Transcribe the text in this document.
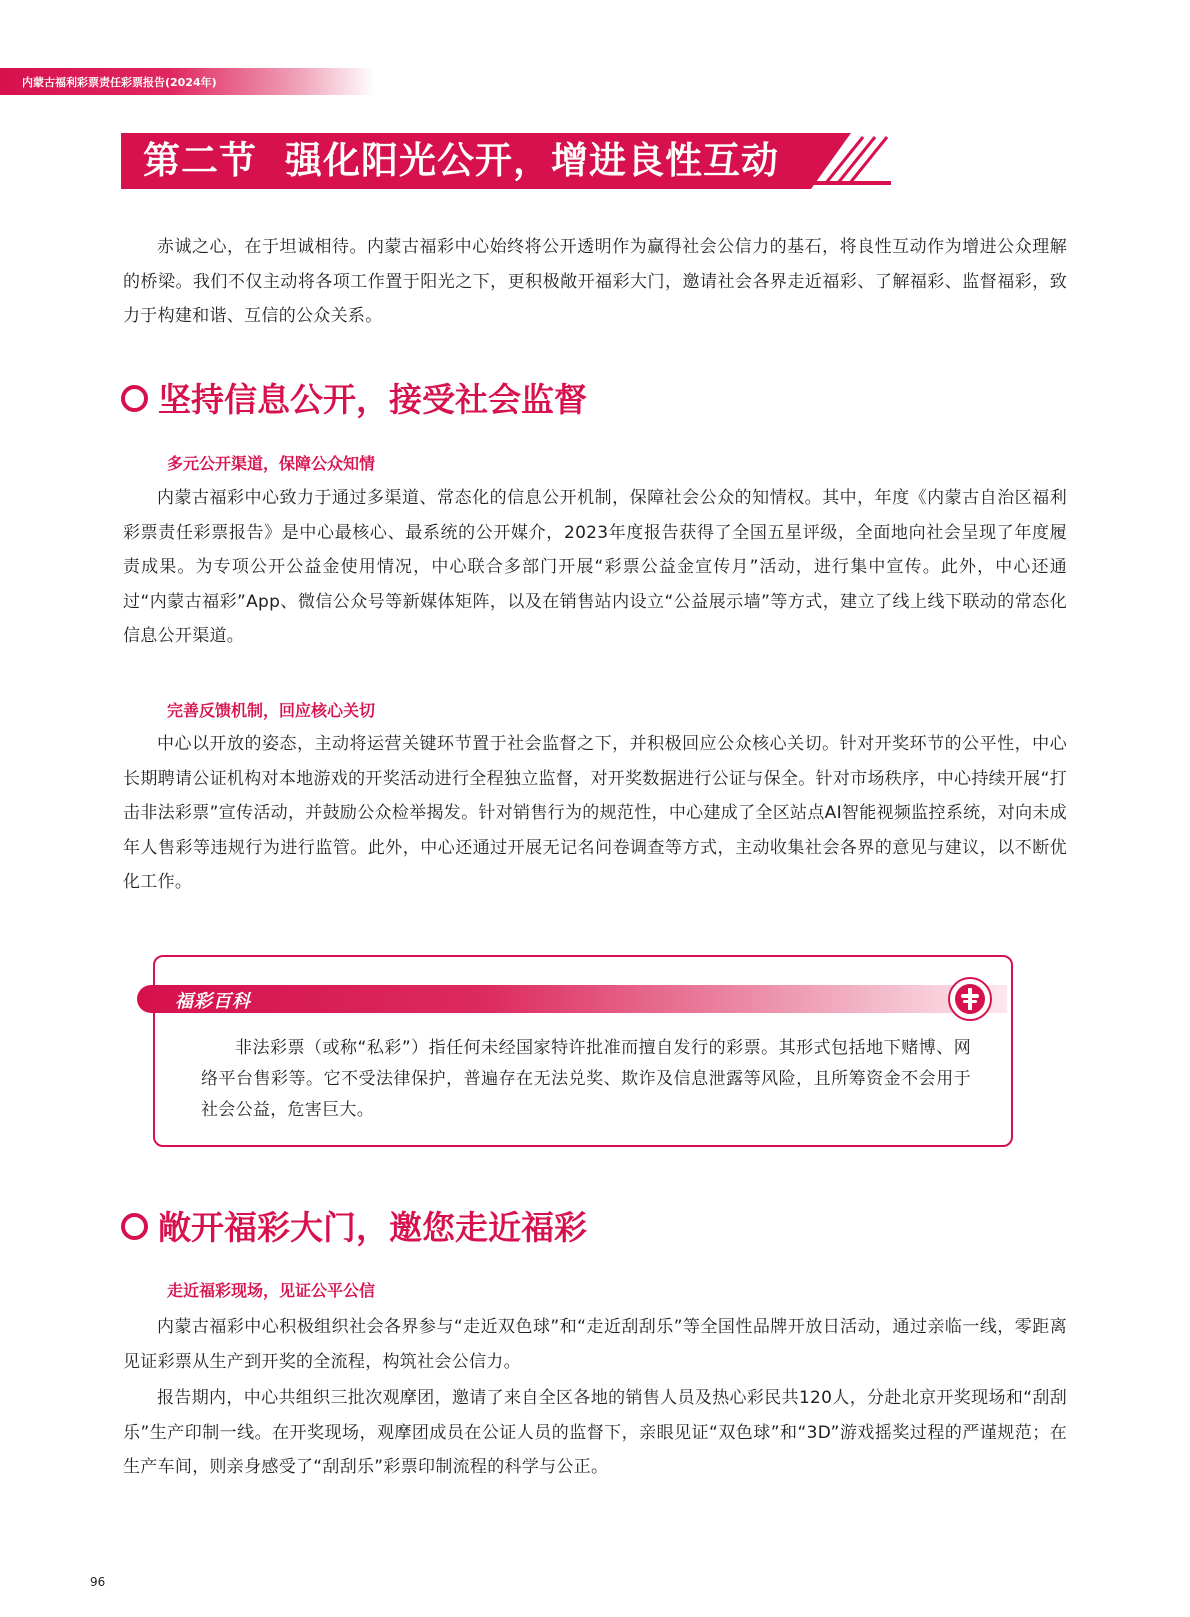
内蒙古福利彩票责任彩票报告(2024年)
第二节 强化阳光公开，增进良性互动

赤诚之心，在于坦诚相待。内蒙古福彩中心始终将公开透明作为赢得社会公信力的基石，将良性互动作为增进公众理解的桥梁。我们不仅主动将各项工作置于阳光之下，更积极敞开福彩大门，邀请社会各界走近福彩、了解福彩、监督福彩，致力于构建和谐、互信的公众关系。

坚持信息公开，接受社会监督
多元公开渠道，保障公众知情

内蒙古福彩中心致力于通过多渠道、常态化的信息公开机制，保障社会公众的知情权。其中，年度《内蒙古自治区福利彩票责任彩票报告》是中心最核心、最系统的公开媒介，2023年度报告获得了全国五星评级，全面地向社会呈现了年度履责成果。为专项公开公益金使用情况，中心联合多部门开展“彩票公益金宣传月”活动，进行集中宣传。此外，中心还通过“内蒙古福彩”App、微信公众号等新媒体矩阵，以及在销售站内设立“公益展示墙”等方式，建立了线上线下联动的常态化信息公开渠道。

完善反馈机制，回应核心关切

中心以开放的姿态，主动将运营关键环节置于社会监督之下，并积极回应公众核心关切。针对开奖环节的公平性，中心长期聘请公证机构对本地游戏的开奖活动进行全程独立监督，对开奖数据进行公证与保全。针对市场秩序，中心持续开展“打击非法彩票”宣传活动，并鼓励公众检举揭发。针对销售行为的规范性，中心建成了全区站点AI智能视频监控系统，对向未成年人售彩等违规行为进行监管。此外，中心还通过开展无记名问卷调查等方式，主动收集社会各界的意见与建议，以不断优化工作。

福彩百科

非法彩票（或称“私彩”）指任何未经国家特许批准而擅自发行的彩票。其形式包括地下赌博、网络平台售彩等。它不受法律保护，普遍存在无法兑奖、欺诈及信息泄露等风险，且所筹资金不会用于社会公益，危害巨大。

敞开福彩大门，邀您走近福彩
走近福彩现场，见证公平公信

内蒙古福彩中心积极组织社会各界参与“走近双色球”和“走近刮刮乐”等全国性品牌开放日活动，通过亲临一线，零距离见证彩票从生产到开奖的全流程，构筑社会公信力。

报告期内，中心共组织三批次观摩团，邀请了来自全区各地的销售人员及热心彩民共120人，分赴北京开奖现场和“刮刮乐”生产印制一线。在开奖现场，观摩团成员在公证人员的监督下，亲眼见证“双色球”和“3D”游戏摇奖过程的严谨规范；在生产车间，则亲身感受了“刮刮乐”彩票印制流程的科学与公正。

96
